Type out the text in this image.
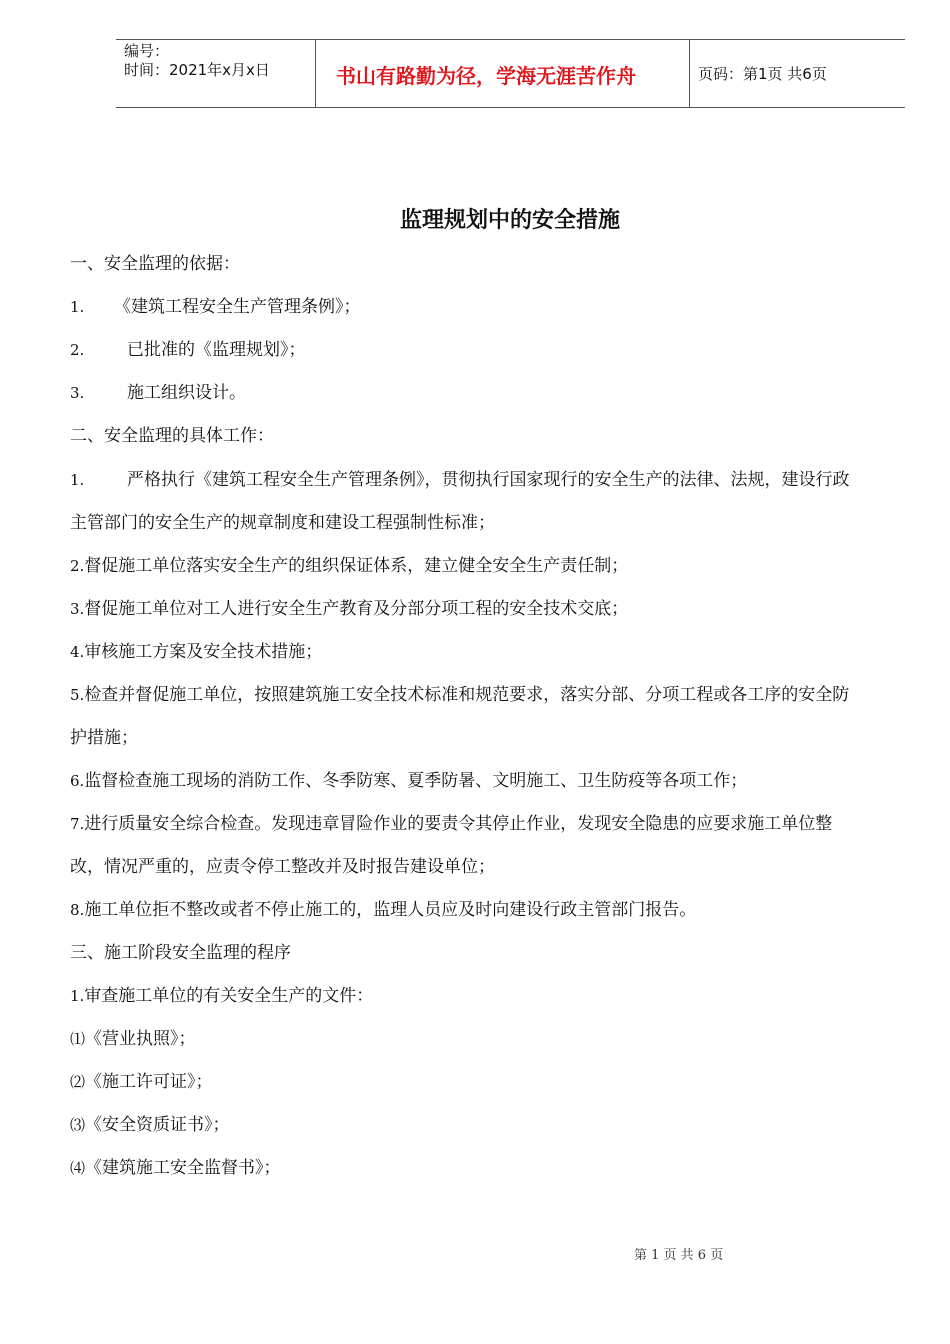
编号：
时间：2021年x月x日	书山有路勤为径，学海无涯苦作舟	页码：第1页 共6页
监理规划中的安全措施
一、安全监理的依据：
1. 《建筑工程安全生产管理条例》；
2.	已批准的《监理规划》；
3.	施工组织设计。
二、安全监理的具体工作：
1.	严格执行《建筑工程安全生产管理条例》，贯彻执行国家现行的安全生产的法律、法规，建设行政
主管部门的安全生产的规章制度和建设工程强制性标准；
2.督促施工单位落实安全生产的组织保证体系，建立健全安全生产责任制；
3.督促施工单位对工人进行安全生产教育及分部分项工程的安全技术交底；
4.审核施工方案及安全技术措施；
5.检查并督促施工单位，按照建筑施工安全技术标准和规范要求，落实分部、分项工程或各工序的安全防
护措施；
6.监督检查施工现场的消防工作、冬季防寒、夏季防暑、文明施工、卫生防疫等各项工作；
7.进行质量安全综合检查。发现违章冒险作业的要责令其停止作业，发现安全隐患的应要求施工单位整
改，情况严重的，应责令停工整改并及时报告建设单位；
8.施工单位拒不整改或者不停止施工的，监理人员应及时向建设行政主管部门报告。
三、施工阶段安全监理的程序
1.审查施工单位的有关安全生产的文件：
⑴《营业执照》；
⑵《施工许可证》；
⑶《安全资质证书》；
⑷《建筑施工安全监督书》；
第 1 页 共 6 页
